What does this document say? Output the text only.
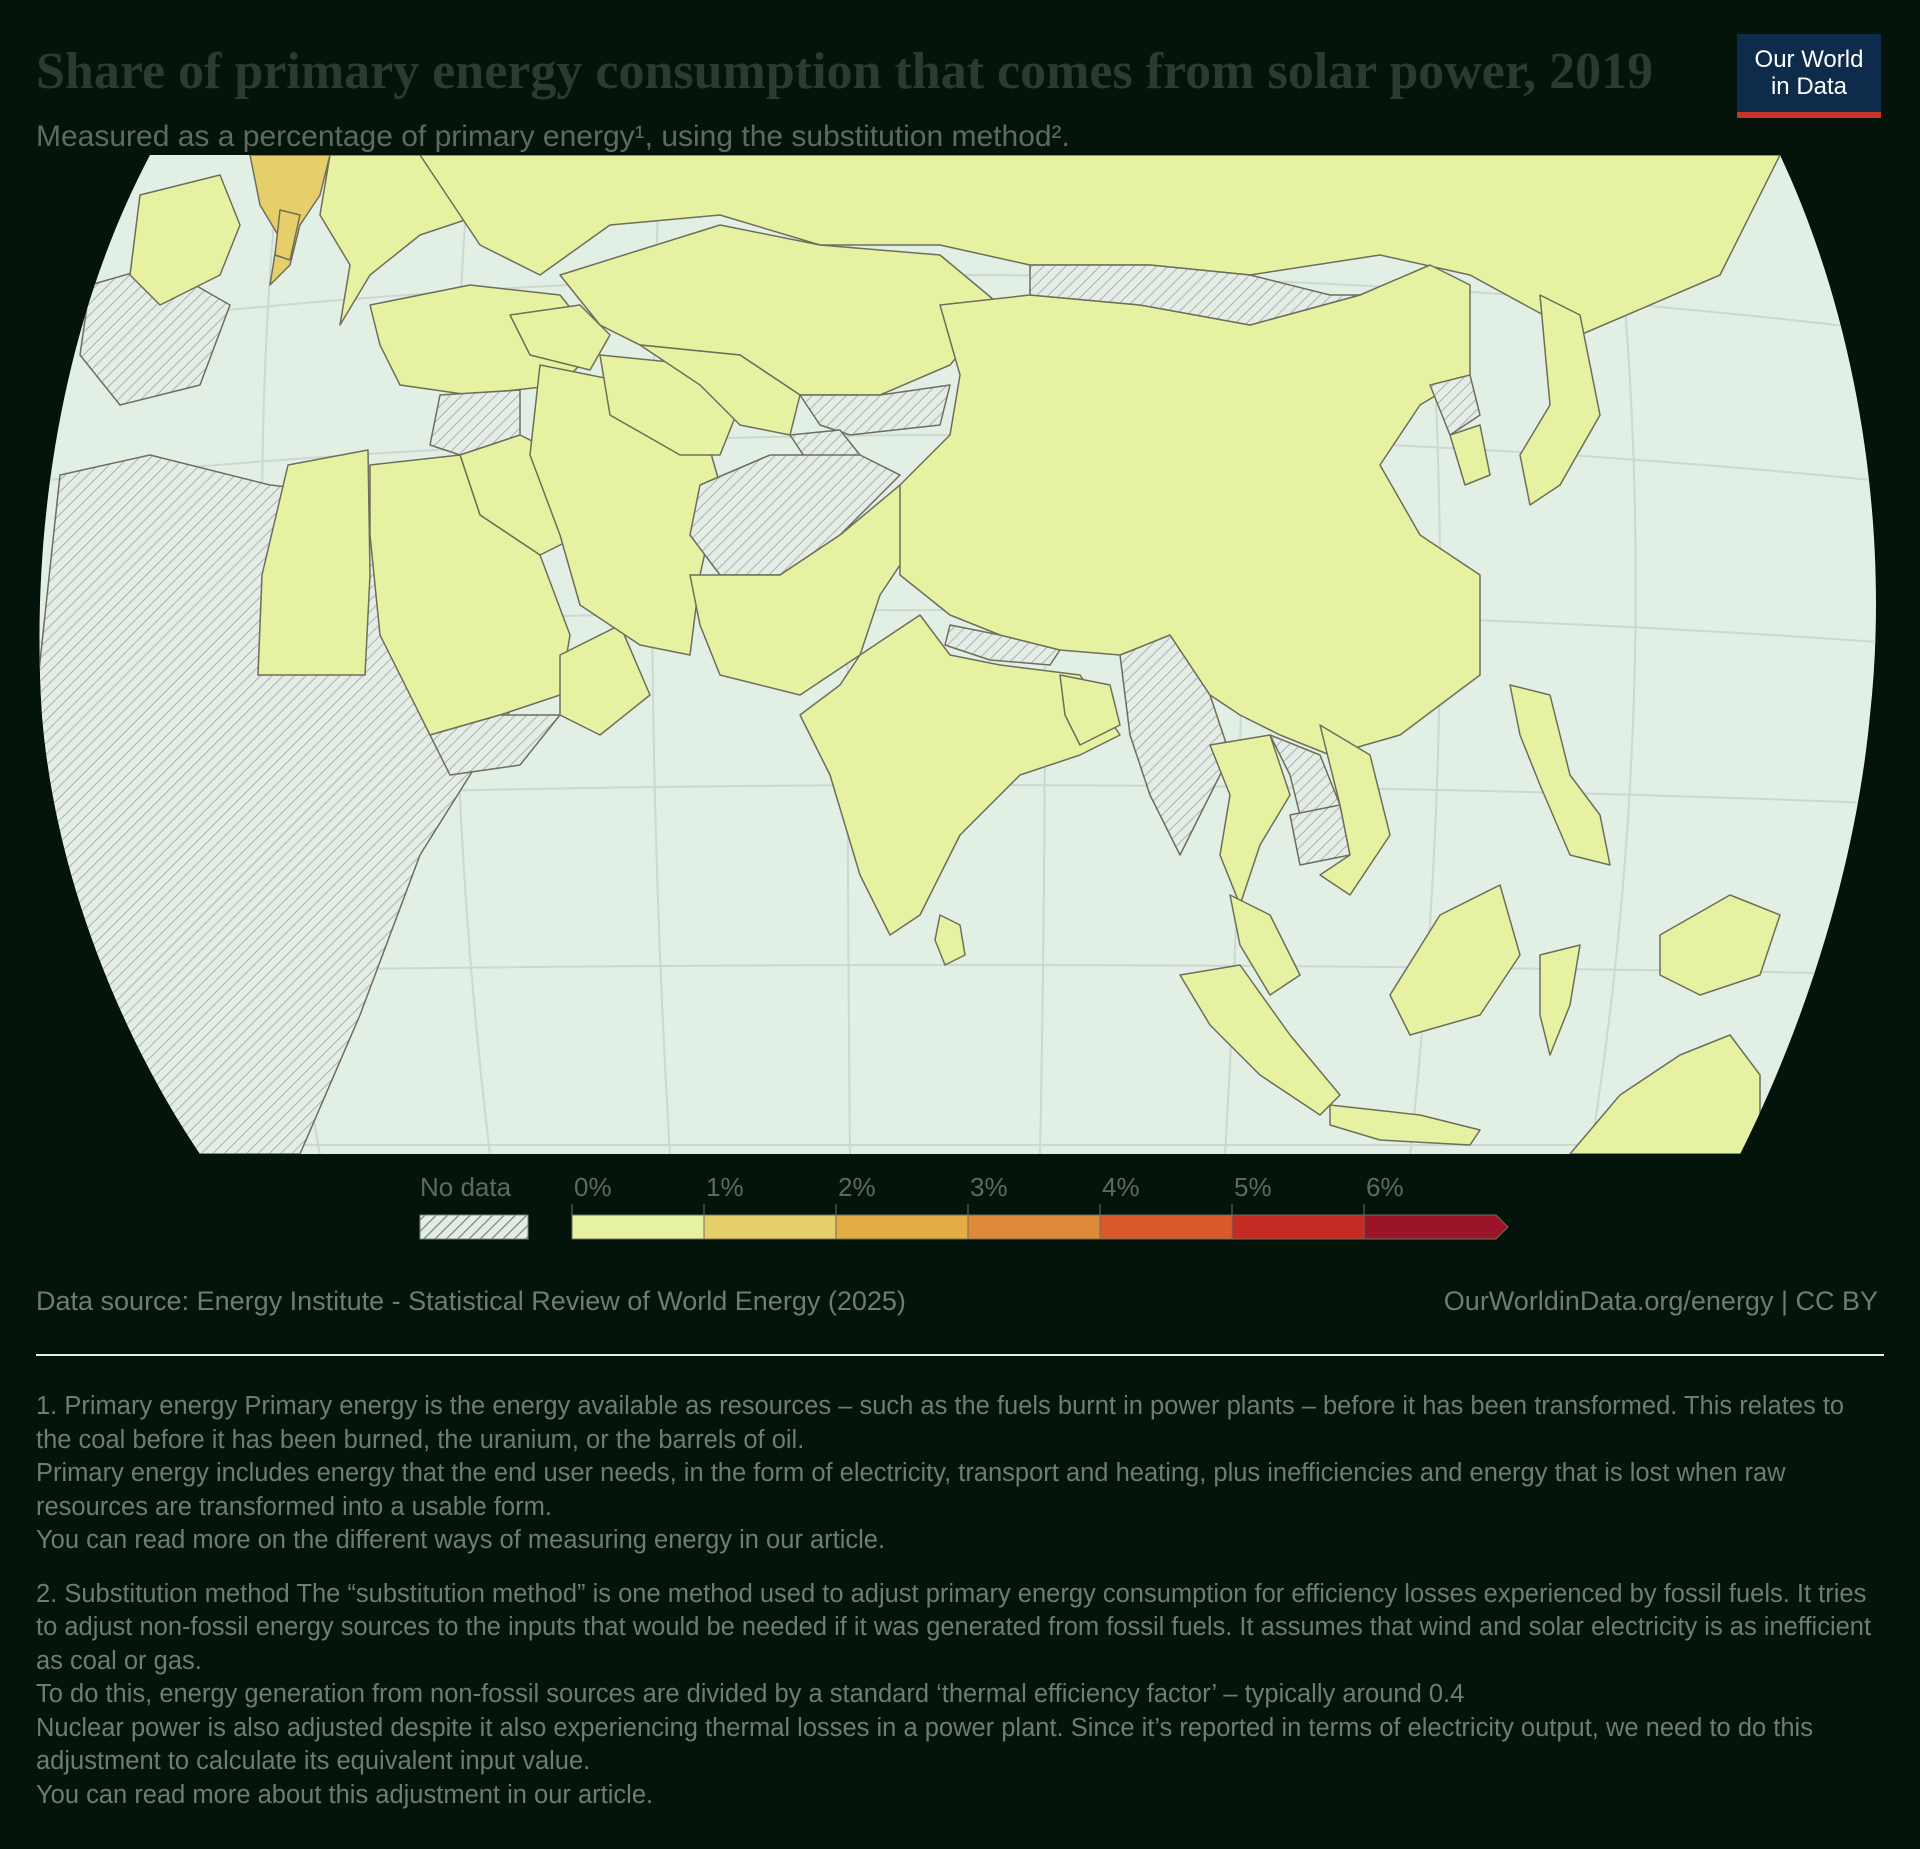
Share of primary energy consumption that comes from solar power, 2019
Measured as a percentage of primary energy¹, using the substitution method².
Our World
in Data
No data 0%	1%	2%	3%	4%	5%	6%
Data source: Energy Institute - Statistical Review of World Energy (2025)	OurWorldinData.org/energy | CC BY

1. Primary energy Primary energy is the energy available as resources – such as the fuels burnt in power plants – before it has been transformed. This relates to the coal before it has been burned, the uranium, or the barrels of oil.

Primary energy includes energy that the end user needs, in the form of electricity, transport and heating, plus inefficiencies and energy that is lost when raw resources are transformed into a usable form.

You can read more on the different ways of measuring energy in our article.

2. Substitution method The “substitution method” is one method used to adjust primary energy consumption for efficiency losses experienced by fossil fuels. It tries to adjust non-fossil energy sources to the inputs that would be needed if it was generated from fossil fuels. It assumes that wind and solar electricity is as inefficient as coal or gas.

To do this, energy generation from non-fossil sources are divided by a standard ‘thermal efficiency factor’ – typically around 0.4

Nuclear power is also adjusted despite it also experiencing thermal losses in a power plant. Since it’s reported in terms of electricity output, we need to do this adjustment to calculate its equivalent input value.

You can read more about this adjustment in our article.
